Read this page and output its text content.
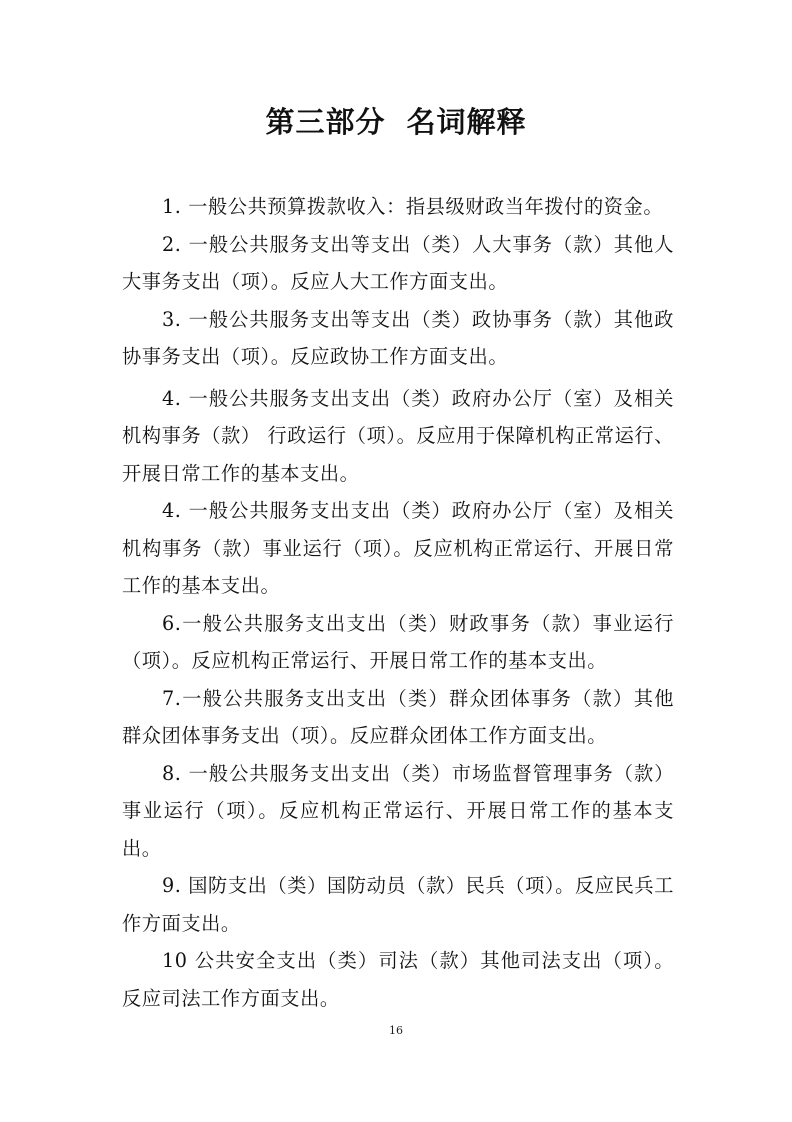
第三部分 名词解释

1. 一般公共预算拨款收入：指县级财政当年拨付的资金。

2. 一般公共服务支出等支出（类）人大事务（款）其他人大事务支出（项）。反应人大工作方面支出。

3. 一般公共服务支出等支出（类）政协事务（款）其他政协事务支出（项）。反应政协工作方面支出。

4. 一般公共服务支出支出（类）政府办公厅（室）及相关机构事务（款） 行政运行（项）。反应用于保障机构正常运行、开展日常工作的基本支出。

4. 一般公共服务支出支出（类）政府办公厅（室）及相关机构事务（款）事业运行（项）。反应机构正常运行、开展日常工作的基本支出。

6.一般公共服务支出支出（类）财政事务（款）事业运行（项）。反应机构正常运行、开展日常工作的基本支出。

7.一般公共服务支出支出（类）群众团体事务（款）其他群众团体事务支出（项）。反应群众团体工作方面支出。

8. 一般公共服务支出支出（类）市场监督管理事务（款）事业运行（项）。反应机构正常运行、开展日常工作的基本支出。

9. 国防支出（类）国防动员（款）民兵（项）。反应民兵工作方面支出。

10 公共安全支出（类）司法（款）其他司法支出（项）。反应司法工作方面支出。

16
